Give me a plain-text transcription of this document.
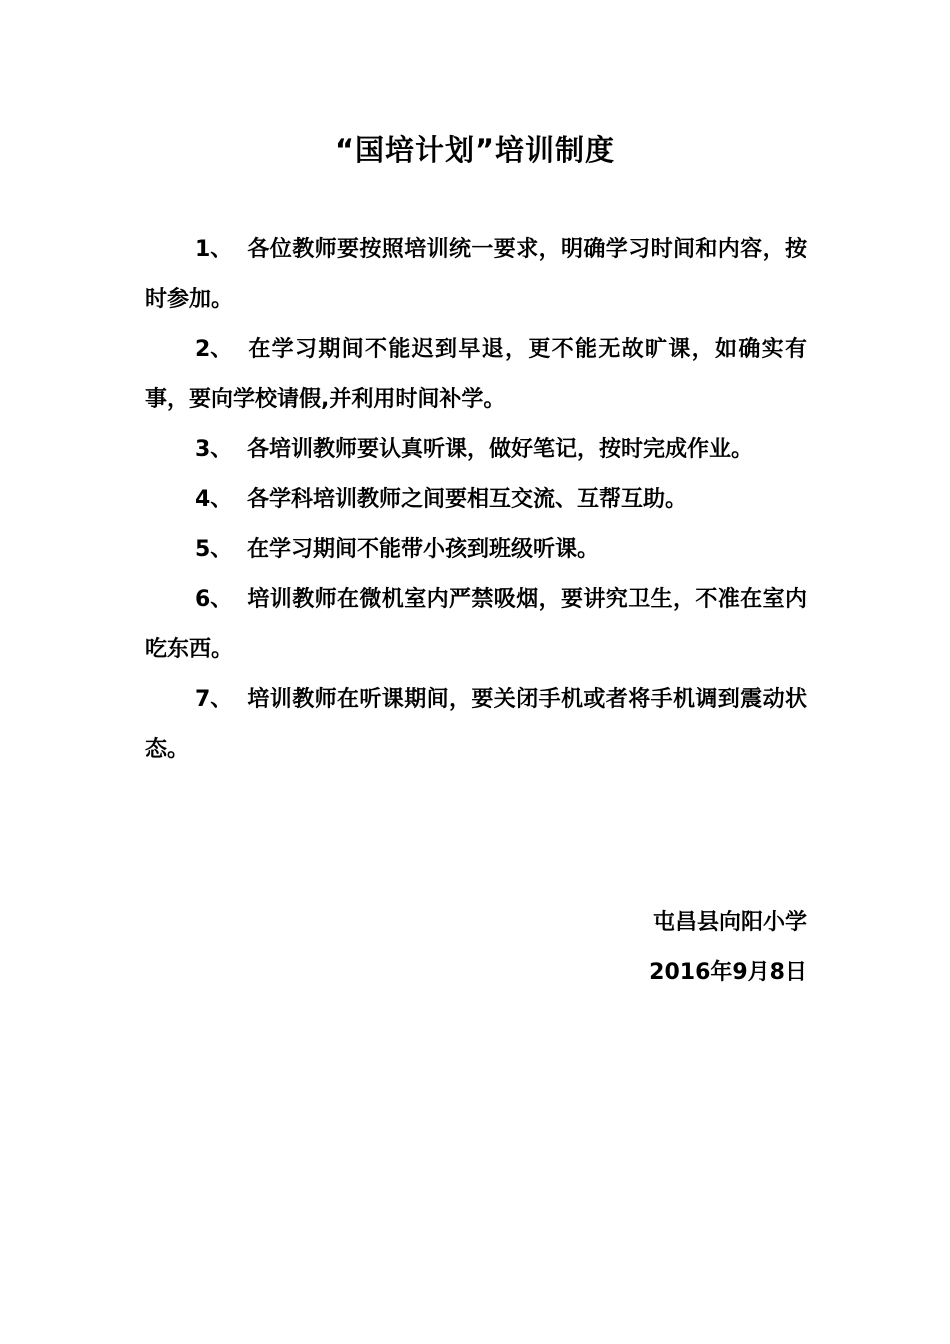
“国培计划”培训制度
1、 各位教师要按照培训统一要求，明确学习时间和内容，按时参加。
2、 在学习期间不能迟到早退，更不能无故旷课，如确实有事，要向学校请假,并利用时间补学。
3、 各培训教师要认真听课，做好笔记，按时完成作业。
4、 各学科培训教师之间要相互交流、互帮互助。
5、 在学习期间不能带小孩到班级听课。
6、 培训教师在微机室内严禁吸烟，要讲究卫生，不准在室内吃东西。
7、 培训教师在听课期间，要关闭手机或者将手机调到震动状态。
屯昌县向阳小学
2016年9月8日
